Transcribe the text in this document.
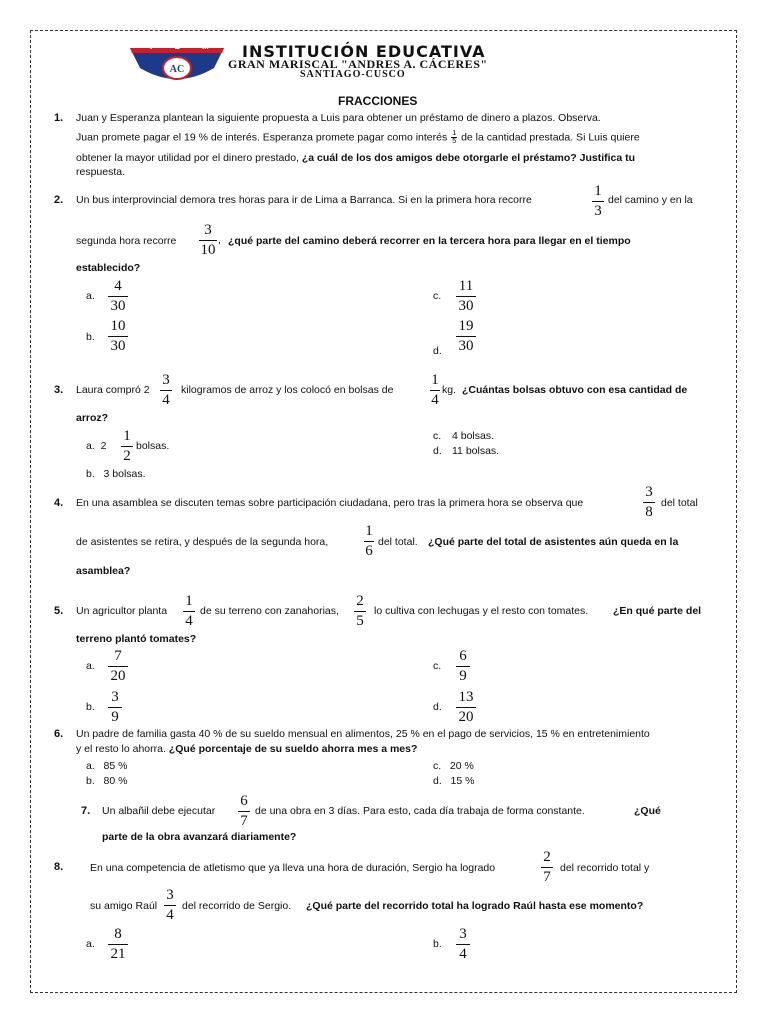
AC
I E M INSTITUCIÓN EDUCATIVA
GRAN MARISCAL "ANDRES A. CÁCERES"
SANTIAGO-CUSCO
FRACCIONES
1. Juan y Esperanza plantean la siguiente propuesta a Luis para obtener un préstamo de dinero a plazos. Observa.
Juan promete pagar el 19 % de interés. Esperanza promete pagar como interés $\frac{1}{5}$ de la cantidad prestada. Si Luis quiere
obtener la mayor utilidad por el dinero prestado, ¿a cuál de los dos amigos debe otorgarle el préstamo? Justifica tu
respuesta.
2. Un bus interprovincial demora tres horas para ir de Lima a Barranca. Si en la primera hora recorre
1
3
del camino y en la
segunda hora recorre
3
10
, ¿qué parte del camino deberá recorrer en la tercera hora para llegar en el tiempo
establecido?
a.
4
30
b.
10
30
c.
11
30
d.
19
30
3. Laura compró 2
3
4
kilogramos de arroz y los colocó en bolsas de
1
4
kg. ¿Cuántas bolsas obtuvo con esa cantidad de
arroz?
a. 2
1
2
bolsas.
b.   3 bolsas.
c. 4 bolsas.
d. 11 bolsas.
4. En una asamblea se discuten temas sobre participación ciudadana, pero tras la primera hora se observa que
3
8
del total
de asistentes se retira, y después de la segunda hora,
1
6
del total. ¿Qué parte del total de asistentes aún queda en la
asamblea?
5. Un agricultor planta
1
4
de su terreno con zanahorias,
2
5
lo cultiva con lechugas y el resto con tomates. ¿En qué parte del
terreno plantó tomates?
a.
7
20
b.
3
9
c.
6
9
d.
13
20
6. Un padre de familia gasta 40 % de su sueldo mensual en alimentos, 25 % en el pago de servicios, 15 % en entretenimiento
y el resto lo ahorra. ¿Qué porcentaje de su sueldo ahorra mes a mes?
a.   85 %
b.   80 %
c.   20 %
d.   15 %
7. Un albañil debe ejecutar
6
7
de una obra en 3 días. Para esto, cada día trabaja de forma constante.	¿Qué
parte de la obra avanzará diariamente?
8.	En una competencia de atletismo que ya lleva una hora de duración, Sergio ha logrado
2
7
del recorrido total y
su amigo Raúl
3
4
del recorrido de Sergio. ¿Qué parte del recorrido total ha logrado Raúl hasta ese momento?
a.
8
21
b.
3
4
